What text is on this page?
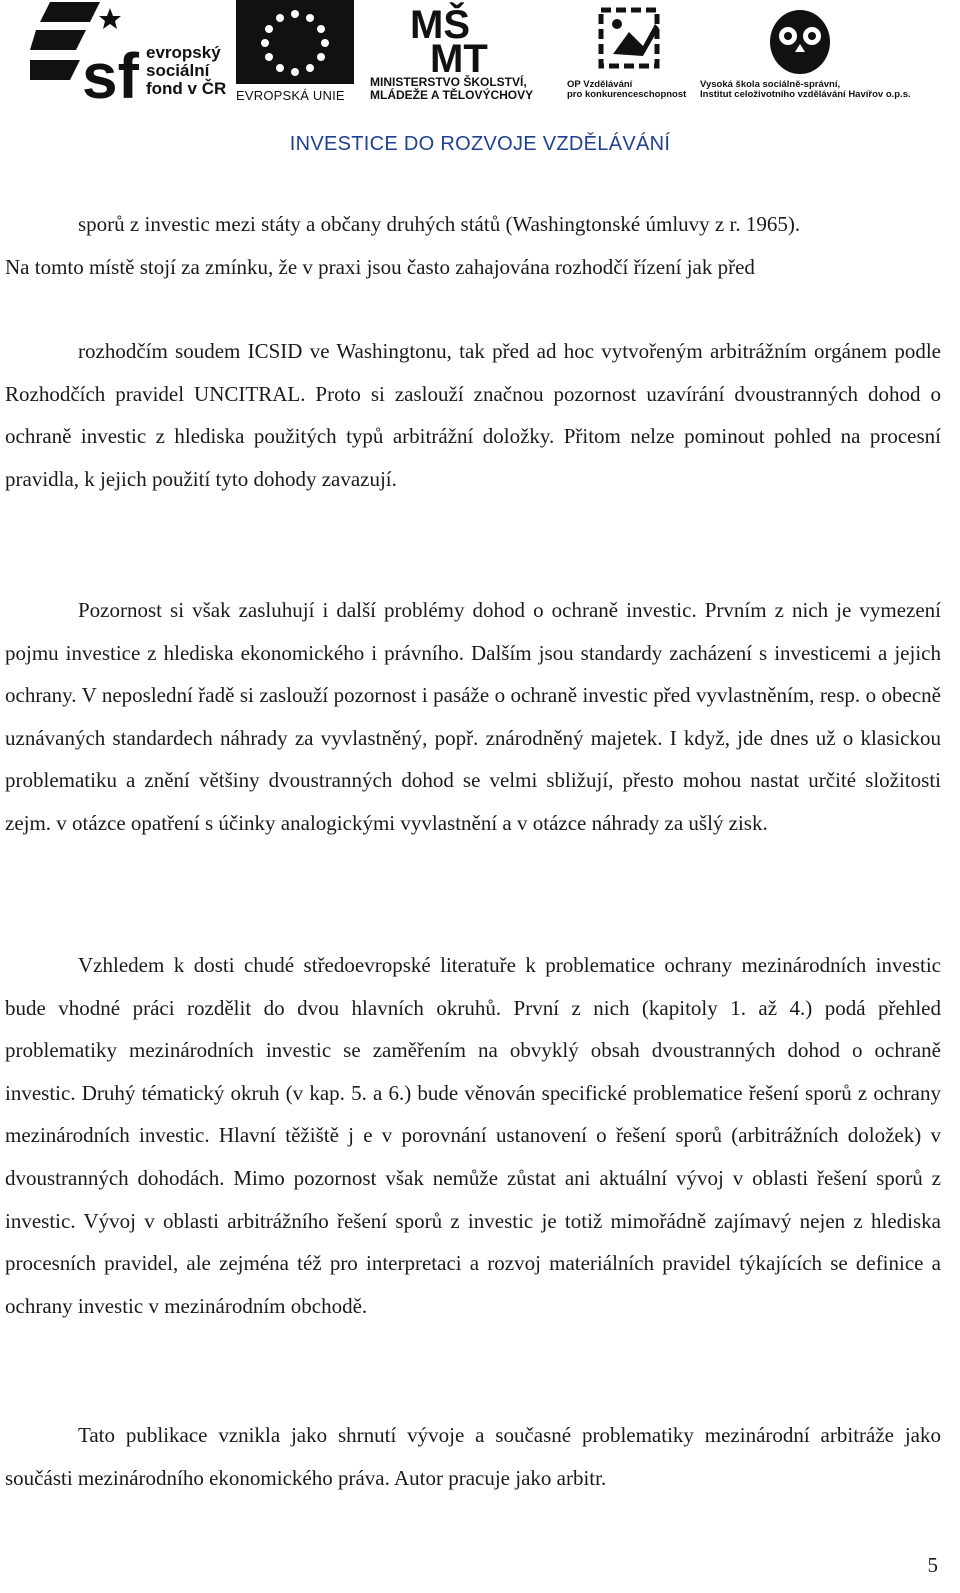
sf evropský
sociální
fond v ČR EVROPSKÁ UNIE
MŠ
MT
MINISTERSTVO ŠKOLSTVÍ,
MLÁDEŽE A TĚLOVÝCHOVY
OP Vzdělávání
pro konkurenceschopnost
Vysoká škola sociálně-správní,
Institut celoživotního vzdělávání Havířov o.p.s.
INVESTICE DO ROZVOJE VZDĚLÁVÁNÍ

sporů z investic mezi státy a občany druhých států (Washingtonské úmluvy z r. 1965).

Na tomto místě stojí za zmínku, že v praxi jsou často zahajována rozhodčí řízení jak před

rozhodčím soudem ICSID ve Washingtonu, tak před ad hoc vytvořeným arbitrážním orgánem podle Rozhodčích pravidel UNCITRAL. Proto si zaslouží značnou pozornost uzavírání dvoustranných dohod o ochraně investic z hlediska použitých typů arbitrážní doložky. Přitom nelze pominout pohled na procesní pravidla, k jejich použití tyto dohody zavazují.

Pozornost si však zasluhují i další problémy dohod o ochraně investic. Prvním z nich je vymezení pojmu investice z hlediska ekonomického i právního. Dalším jsou standardy zacházení s investicemi a jejich ochrany. V neposlední řadě si zaslouží pozornost i pasáže o ochraně investic před vyvlastněním, resp. o obecně uznávaných standardech náhrady za vyvlastněný, popř. znárodněný majetek. I když, jde dnes už o klasickou problematiku a znění většiny dvoustranných dohod se velmi sbližují, přesto mohou nastat určité složitosti zejm. v otázce opatření s účinky analogickými vyvlastnění a v otázce náhrady za ušlý zisk.

Vzhledem k dosti chudé středoevropské literatuře k problematice ochrany mezinárodních investic bude vhodné práci rozdělit do dvou hlavních okruhů. První z nich (kapitoly 1. až 4.) podá přehled problematiky mezinárodních investic se zaměřením na obvyklý obsah dvoustranných dohod o ochraně investic. Druhý tématický okruh (v kap. 5. a 6.) bude věnován specifické problematice řešení sporů z ochrany mezinárodních investic. Hlavní těžiště j e v porovnání ustanovení o řešení sporů (arbitrážních doložek) v dvoustranných dohodách. Mimo pozornost však nemůže zůstat ani aktuální vývoj v oblasti řešení sporů z investic. Vývoj v oblasti arbitrážního řešení sporů z investic je totiž mimořádně zajímavý nejen z hlediska procesních pravidel, ale zejména též pro interpretaci a rozvoj materiálních pravidel týkajících se definice a ochrany investic v mezinárodním obchodě.

Tato publikace vznikla jako shrnutí vývoje a současné problematiky mezinárodní arbitráže jako součásti mezinárodního ekonomického práva. Autor pracuje jako arbitr.

5
